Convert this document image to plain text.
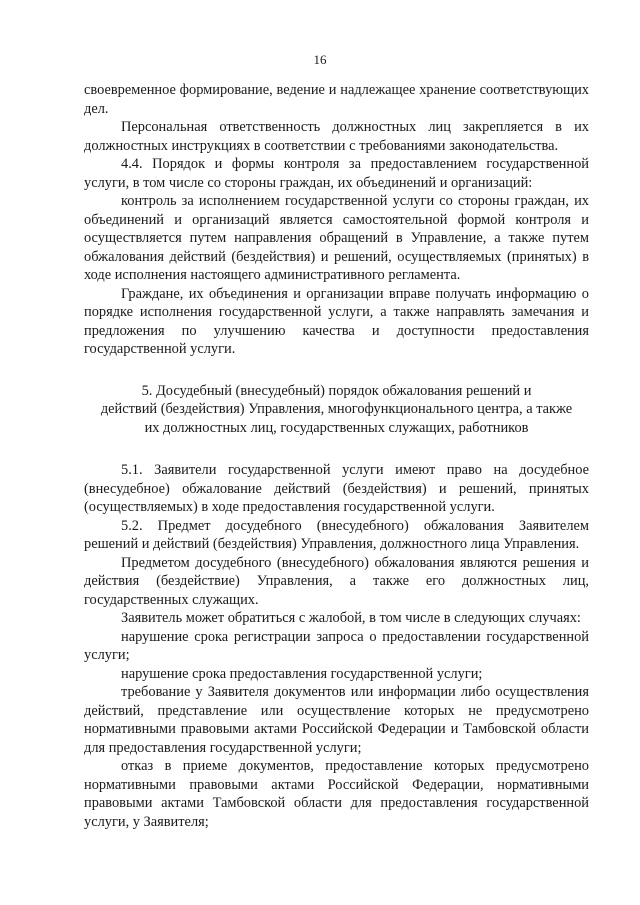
16

своевременное формирование, ведение и надлежащее хранение соответствующих дел.

Персональная ответственность должностных лиц закрепляется в их должностных инструкциях в соответствии с требованиями законодательства.

4.4. Порядок и формы контроля за предоставлением государственной услуги, в том числе со стороны граждан, их объединений и организаций:

контроль за исполнением государственной услуги со стороны граждан, их объединений и организаций является самостоятельной формой контроля и осуществляется путем направления обращений в Управление, а также путем обжалования действий (бездействия) и решений, осуществляемых (принятых) в ходе исполнения настоящего административного регламента.

Граждане, их объединения и организации вправе получать информацию о порядке исполнения государственной услуги, а также направлять замечания и предложения по улучшению качества и доступности предоставления государственной услуги.

5. Досудебный (внесудебный) порядок обжалования решений и
действий (бездействия) Управления, многофункционального центра, а также
их должностных лиц, государственных служащих, работников

5.1. Заявители государственной услуги имеют право на досудебное (внесудебное) обжалование действий (бездействия) и решений, принятых (осуществляемых) в ходе предоставления государственной услуги.

5.2. Предмет досудебного (внесудебного) обжалования Заявителем решений и действий (бездействия) Управления, должностного лица Управления.

Предметом досудебного (внесудебного) обжалования являются решения и действия (бездействие) Управления, а также его должностных лиц, государственных служащих.

Заявитель может обратиться с жалобой, в том числе в следующих случаях:

нарушение срока регистрации запроса о предоставлении государственной услуги;

нарушение срока предоставления государственной услуги;

требование у Заявителя документов или информации либо осуществления действий, представление или осуществление которых не предусмотрено нормативными правовыми актами Российской Федерации и Тамбовской области для предоставления государственной услуги;

отказ в приеме документов, предоставление которых предусмотрено нормативными правовыми актами Российской Федерации, нормативными правовыми актами Тамбовской области для предоставления государственной услуги, у Заявителя;
